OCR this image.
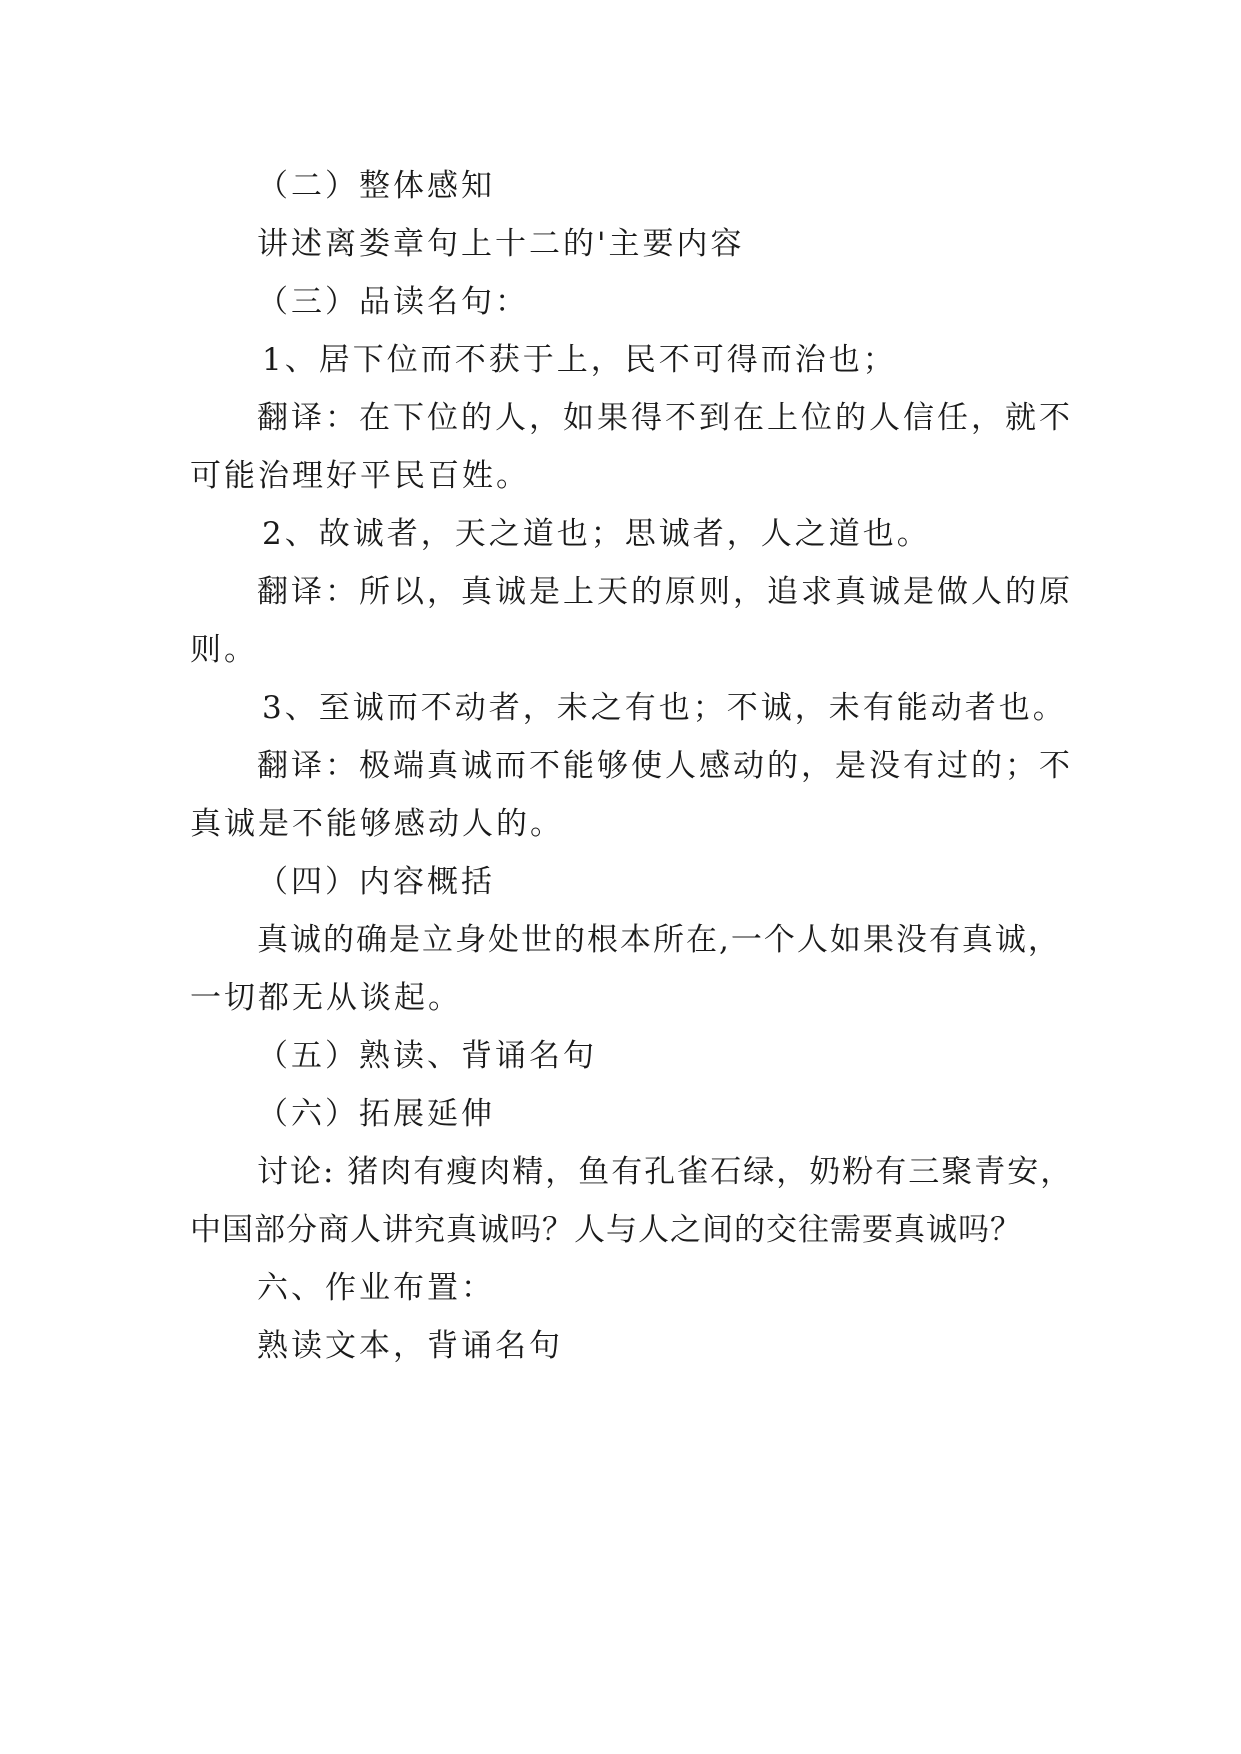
（二）整体感知
讲述离娄章句上十二的'主要内容
（三）品读名句：
1、居下位而不获于上，民不可得而治也；
翻译：在下位的人，如果得不到在上位的人信任，就不
可能治理好平民百姓。
2、故诚者，天之道也；思诚者，人之道也。
翻译：所以，真诚是上天的原则，追求真诚是做人的原
则。
3、至诚而不动者，未之有也；不诚，未有能动者也。
翻译：极端真诚而不能够使人感动的，是没有过的；不
真诚是不能够感动人的。
（四）内容概括
真诚的确是立身处世的根本所在,一个人如果没有真诚，
一切都无从谈起。
（五）熟读、背诵名句
（六）拓展延伸
讨论: 猪肉有瘦肉精，鱼有孔雀石绿，奶粉有三聚青安，
中国部分商人讲究真诚吗？人与人之间的交往需要真诚吗？
六、作业布置：
熟读文本，背诵名句
